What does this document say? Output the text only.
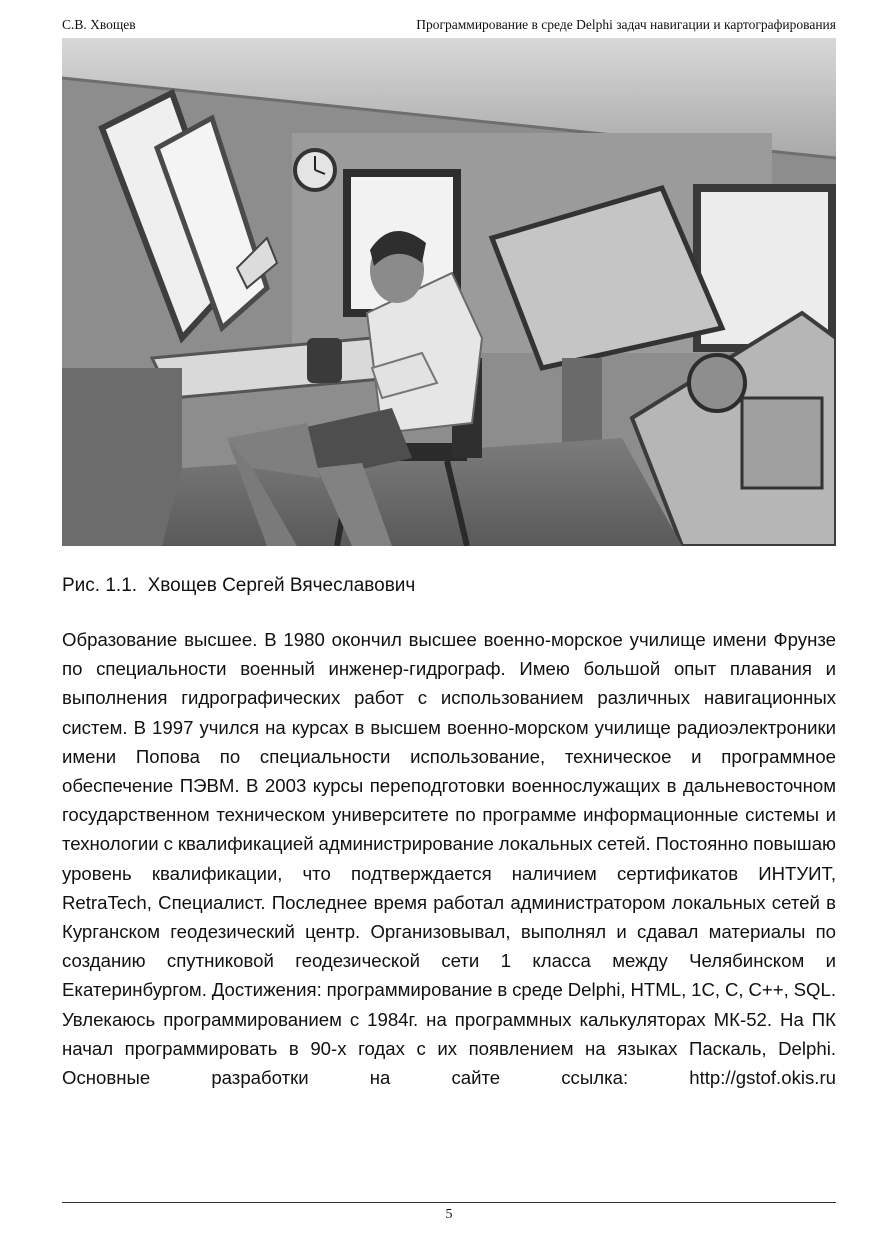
С.В. Хвощев	Программирование в среде Delphi задач навигации и картографирования
Рис. 1.1.  Хвощев Сергей Вячеславович
Образование высшее. В 1980 окончил высшее военно-морское училище имени Фрунзе по специальности военный инженер-гидрограф. Имею большой опыт плавания и выполнения гидрографических работ с использованием различных навигационных систем. В 1997 учился на курсах в высшем военно-морском училище радиоэлектроники имени Попова по специальности использование, техническое и программное обеспечение ПЭВМ. В 2003 курсы переподготовки военнослужащих в дальневосточном государственном техническом университете по программе информационные системы и технологии с квалификацией администрирование локальных сетей. Постоянно повышаю уровень квалификации, что подтверждается наличием сертификатов ИНТУИТ, RetraTech, Специалист. Последнее время работал администратором локальных сетей в Курганском геодезический центр. Организовывал, выполнял и сдавал материалы по созданию спутниковой геодезической сети 1 класса между Челябинском и Екатеринбургом. Достижения: программирование в среде Delphi, HTML, 1С, С, С++, SQL. Увлекаюсь программированием с 1984г. на программных калькуляторах МК-52. На ПК начал программировать в 90-х годах с их появлением на языках Паскаль, Delphi. Основные разработки на сайте ссылка: http://gstof.okis.ru
5
